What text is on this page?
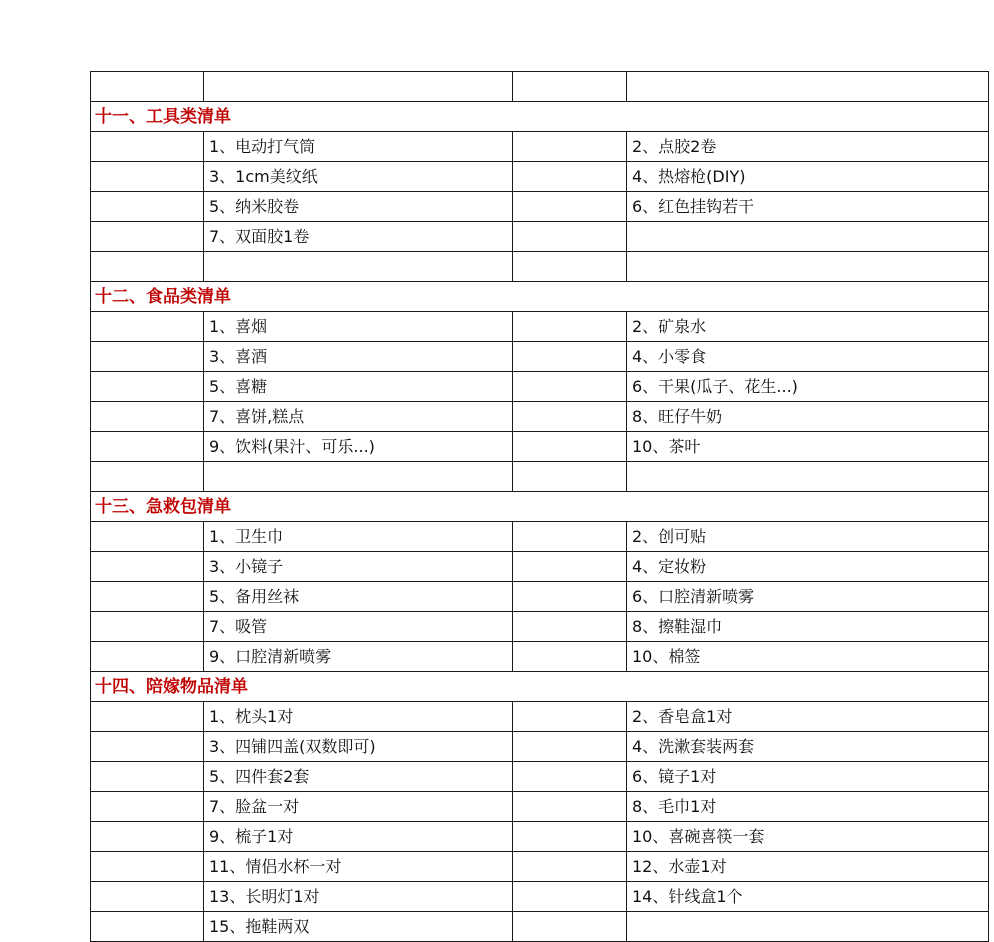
十一、工具类清单			
	1、电动打气筒		2、点胶2卷
	3、1cm美纹纸		4、热熔枪(DIY)
	5、纳米胶卷		6、红色挂钩若干
	7、双面胶1卷		

十二、食品类清单			
	1、喜烟		2、矿泉水
	3、喜酒		4、小零食
	5、喜糖		6、干果(瓜子、花生...)
	7、喜饼,糕点		8、旺仔牛奶
	9、饮料(果汁、可乐...)		10、茶叶

十三、急救包清单			
	1、卫生巾		2、创可贴
	3、小镜子		4、定妆粉
	5、备用丝袜		6、口腔清新喷雾
	7、吸管		8、擦鞋湿巾
	9、口腔清新喷雾		10、棉签
十四、陪嫁物品清单			
	1、枕头1对		2、香皂盒1对
	3、四铺四盖(双数即可)		4、洗漱套装两套
	5、四件套2套		6、镜子1对
	7、脸盆一对		8、毛巾1对
	9、梳子1对		10、喜碗喜筷一套
	11、情侣水杯一对		12、水壶1对
	13、长明灯1对		14、针线盒1个
	15、拖鞋两双		
